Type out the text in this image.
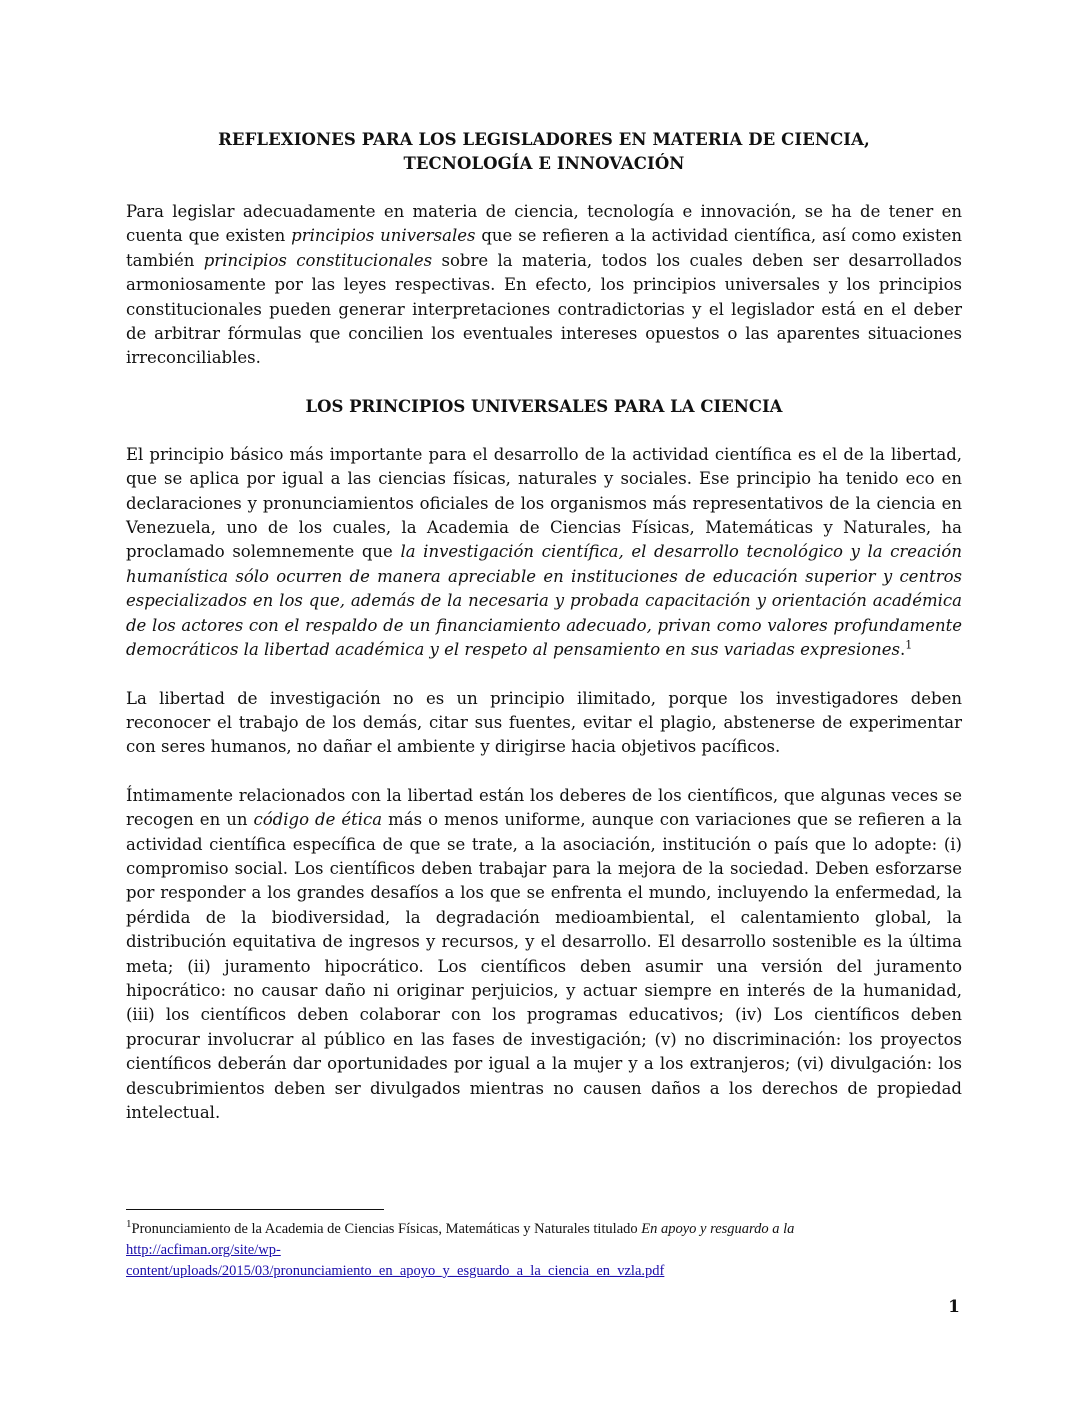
REFLEXIONES PARA LOS LEGISLADORES EN MATERIA DE CIENCIA,
TECNOLOGÍA E INNOVACIÓN

Para legislar adecuadamente en materia de ciencia, tecnología e innovación, se ha de tener en cuenta que existen principios universales que se refieren a la actividad científica, así como existen también principios constitucionales sobre la materia, todos los cuales deben ser desarrollados armoniosamente por las leyes respectivas. En efecto, los principios universales y los principios constitucionales pueden generar interpretaciones contradictorias y el legislador está en el deber de arbitrar fórmulas que concilien los eventuales intereses opuestos o las aparentes situaciones irreconciliables.

LOS PRINCIPIOS UNIVERSALES PARA LA CIENCIA

El principio básico más importante para el desarrollo de la actividad científica es el de la libertad, que se aplica por igual a las ciencias físicas, naturales y sociales. Ese principio ha tenido eco en declaraciones y pronunciamientos oficiales de los organismos más representativos de la ciencia en Venezuela, uno de los cuales, la Academia de Ciencias Físicas, Matemáticas y Naturales, ha proclamado solemnemente que la investigación científica, el desarrollo tecnológico y la creación humanística sólo ocurren de manera apreciable en instituciones de educación superior y centros especializados en los que, además de la necesaria y probada capacitación y orientación académica de los actores con el respaldo de un financiamiento adecuado, privan como valores profundamente democráticos la libertad académica y el respeto al pensamiento en sus variadas expresiones.$^1$

La libertad de investigación no es un principio ilimitado, porque los investigadores deben reconocer el trabajo de los demás, citar sus fuentes, evitar el plagio, abstenerse de experimentar con seres humanos, no dañar el ambiente y dirigirse hacia objetivos pacíficos.

Íntimamente relacionados con la libertad están los deberes de los científicos, que algunas veces se recogen en un código de ética más o menos uniforme, aunque con variaciones que se refieren a la actividad científica específica de que se trate, a la asociación, institución o país que lo adopte: (i) compromiso social. Los científicos deben trabajar para la mejora de la sociedad. Deben esforzarse por responder a los grandes desafíos a los que se enfrenta el mundo, incluyendo la enfermedad, la pérdida de la biodiversidad, la degradación medioambiental, el calentamiento global, la distribución equitativa de ingresos y recursos, y el desarrollo. El desarrollo sostenible es la última meta; (ii) juramento hipocrático. Los científicos deben asumir una versión del juramento hipocrático: no causar daño ni originar perjuicios, y actuar siempre en interés de la humanidad, (iii) los científicos deben colaborar con los programas educativos; (iv) Los científicos deben procurar involucrar al público en las fases de investigación; (v) no discriminación: los proyectos científicos deberán dar oportunidades por igual a la mujer y a los extranjeros; (vi) divulgación: los descubrimientos deben ser divulgados mientras no causen daños a los derechos de propiedad intelectual.

$^1$Pronunciamiento de la Academia de Ciencias Físicas, Matemáticas y Naturales titulado En apoyo y resguardo a la
http://acfiman.org/site/wp-
content/uploads/2015/03/pronunciamiento_en_apoyo_y_esguardo_a_la_ciencia_en_vzla.pdf
1
